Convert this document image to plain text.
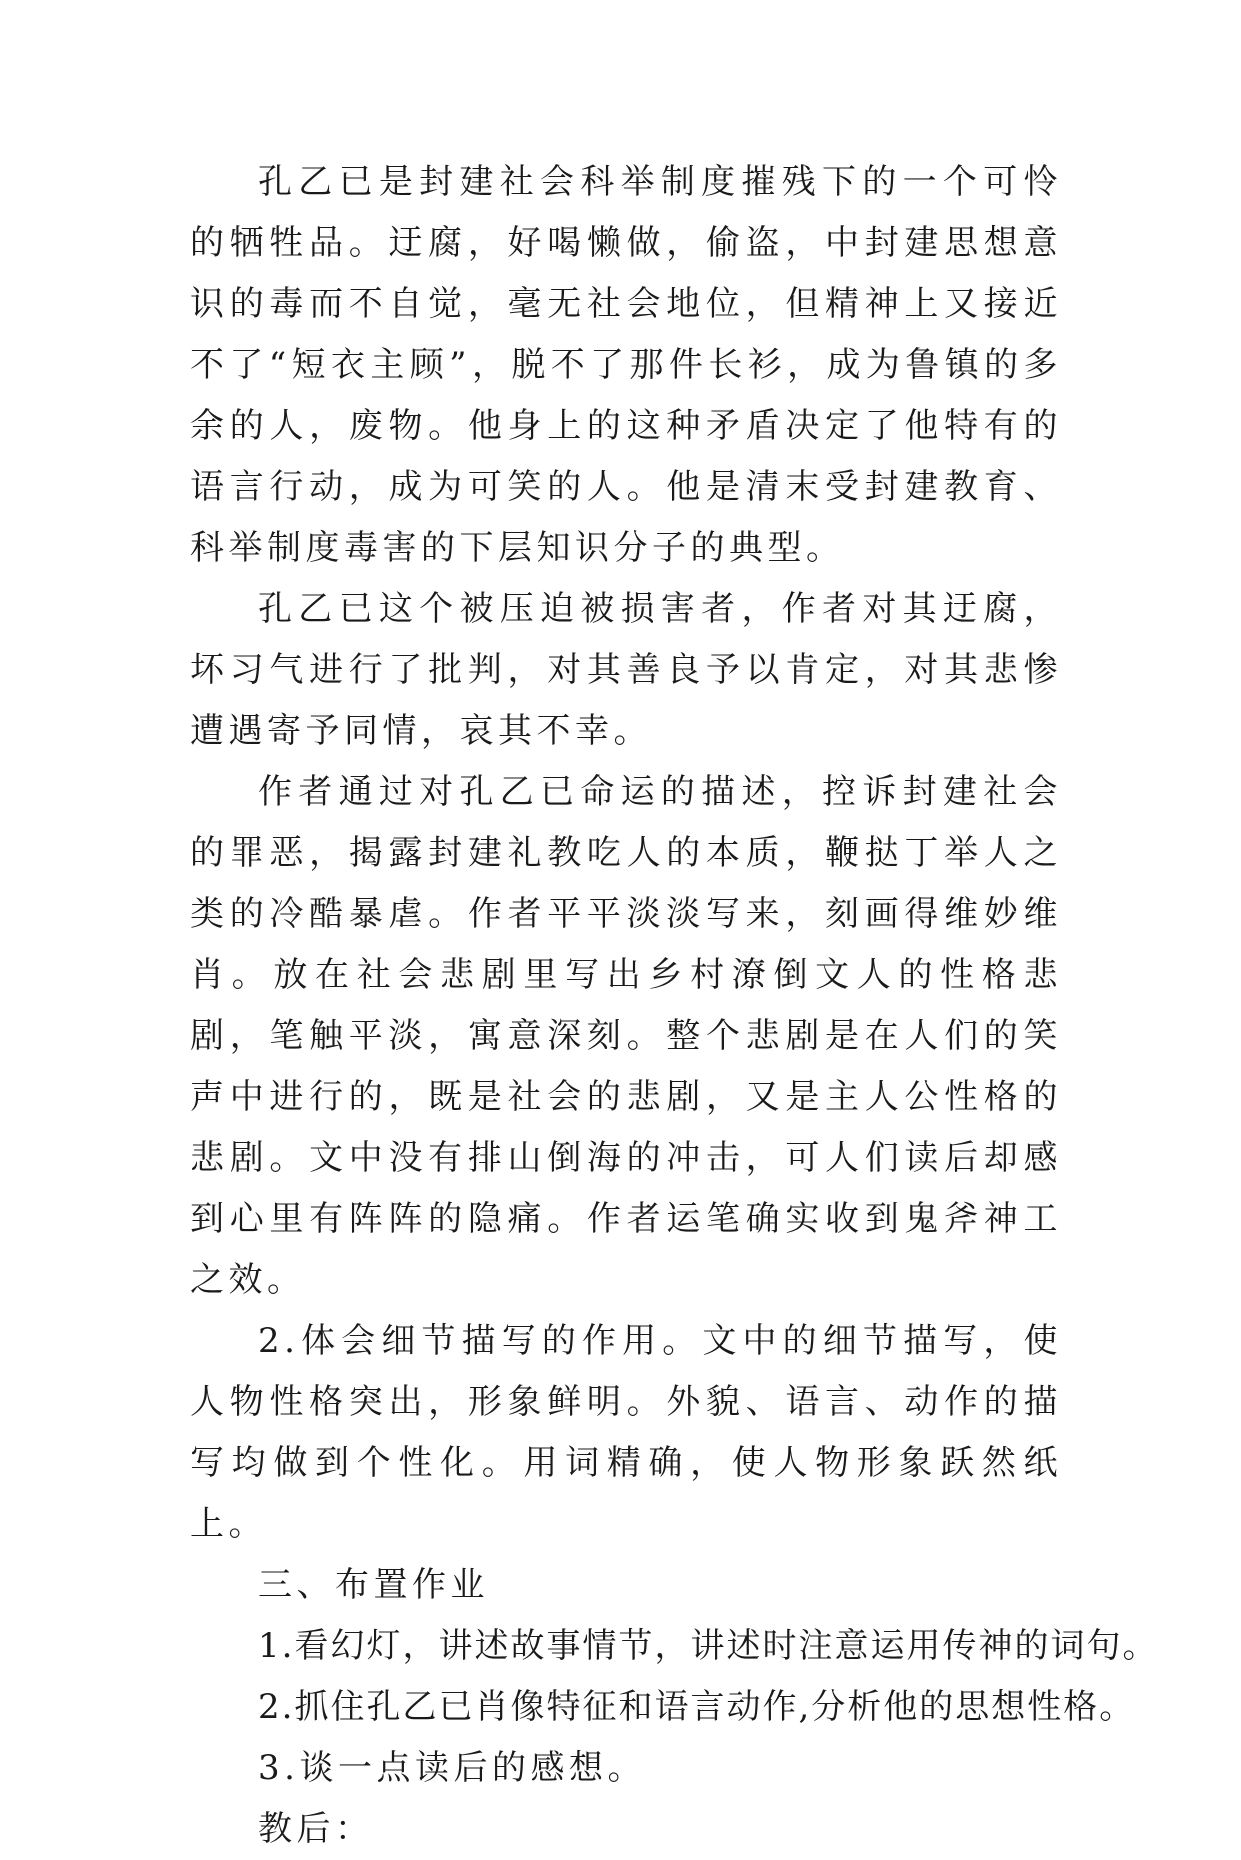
孔乙已是封建社会科举制度摧残下的一个可怜的牺牲品。迂腐，好喝懒做，偷盗，中封建思想意识的毒而不自觉，毫无社会地位，但精神上又接近不了“短衣主顾”，脱不了那件长衫，成为鲁镇的多余的人，废物。他身上的这种矛盾决定了他特有的语言行动，成为可笑的人。他是清末受封建教育、科举制度毒害的下层知识分子的典型。

孔乙已这个被压迫被损害者，作者对其迂腐，坏习气进行了批判，对其善良予以肯定，对其悲惨遭遇寄予同情，哀其不幸。

作者通过对孔乙已命运的描述，控诉封建社会的罪恶，揭露封建礼教吃人的本质，鞭挞丁举人之类的冷酷暴虐。作者平平淡淡写来，刻画得维妙维肖。放在社会悲剧里写出乡村潦倒文人的性格悲剧，笔触平淡，寓意深刻。整个悲剧是在人们的笑声中进行的，既是社会的悲剧，又是主人公性格的悲剧。文中没有排山倒海的冲击，可人们读后却感到心里有阵阵的隐痛。作者运笔确实收到鬼斧神工之效。

2.体会细节描写的作用。文中的细节描写，使人物性格突出，形象鲜明。外貌、语言、动作的描写均做到个性化。用词精确，使人物形象跃然纸上。

三、布置作业

1.看幻灯，讲述故事情节，讲述时注意运用传神的词句。

2.抓住孔乙已肖像特征和语言动作,分析他的思想性格。

3.谈一点读后的感想。

教后：
